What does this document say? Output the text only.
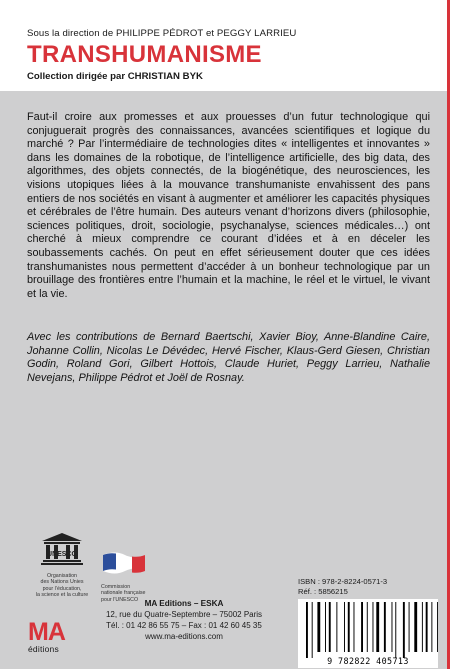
Sous la direction de PHILIPPE PÉDROT et PEGGY LARRIEU
TRANSHUMANISME
Collection dirigée par CHRISTIAN BYK
Faut-il croire aux promesses et aux prouesses d’un futur technologique qui conjuguerait progrès des connaissances, avancées scientifiques et logique du marché ? Par l’intermédiaire de technologies dites « intelligentes et innovantes » dans les domaines de la robotique, de l’intelligence artificielle, des big data, des algorithmes, des objets connectés, de la biogénétique, des neurosciences, les visions utopiques liées à la mouvance transhumaniste envahissent des pans entiers de nos sociétés en visant à augmenter et améliorer les capacités physiques et cérébrales de l’être humain. Des auteurs venant d’horizons divers (philosophie, sciences politiques, droit, sociologie, psychanalyse, sciences médicales…) ont cherché à mieux comprendre ce courant d’idées et à en déceler les soubassements cachés. On peut en effet sérieusement douter que ces idées transhumanistes nous permettent d’accéder à un bonheur technologique par un brouillage des frontières entre l’humain et la machine, le réel et le virtuel, le vivant et la vie.
Avec les contributions de Bernard Baertschi, Xavier Bioy, Anne-Blandine Caire, Johanne Collin, Nicolas Le Dévédec, Hervé Fischer, Klaus-Gerd Giesen, Christian Godin, Roland Gori, Gilbert Hottois, Claude Huriet, Peggy Larrieu, Nathalie Nevejans, Philippe Pédrot et Joël de Rosnay.
UNESCO
Organisation
des Nations Unies
pour l’éducation,
la science et la culture
Commission
nationale française
pour l’UNESCO
ISBN : 978-2-8224-0571-3
Réf. : 5856215
9 782822 405713
MA Editions – ESKA
12, rue du Quatre-Septembre – 75002 Paris
Tél. : 01 42 86 55 75 – Fax : 01 42 60 45 35
www.ma-editions.com
MA
éditions
